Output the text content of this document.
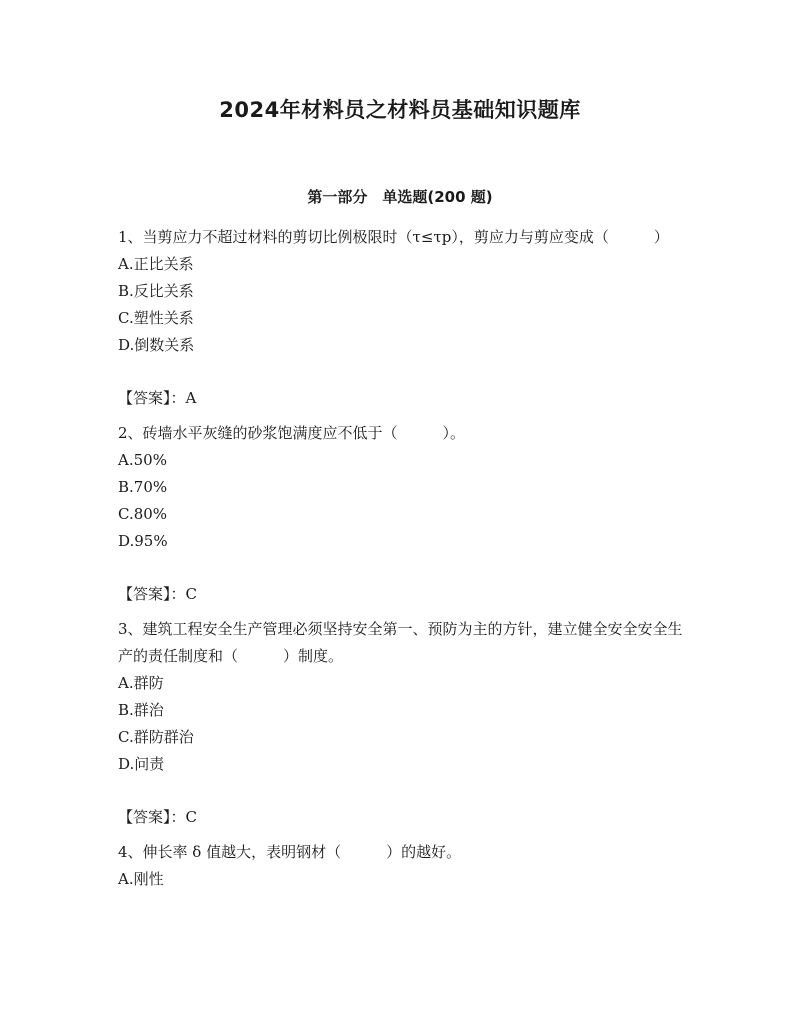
2024年材料员之材料员基础知识题库
第一部分　单选题(200 题)

1、当剪应力不超过材料的剪切比例极限时（τ≤τp），剪应力与剪应变成（　　　）

A.正比关系
B.反比关系
C.塑性关系
D.倒数关系
【答案】：A

2、砖墙水平灰缝的砂浆饱满度应不低于（　　　）。

A.50%
B.70%
C.80%
D.95%
【答案】：C

3、建筑工程安全生产管理必须坚持安全第一、预防为主的方针，建立健全安全安全生产的责任制度和（　　　）制度。

A.群防
B.群治
C.群防群治
D.问责
【答案】：C

4、伸长率 δ 值越大，表明钢材（　　　）的越好。

A.刚性
